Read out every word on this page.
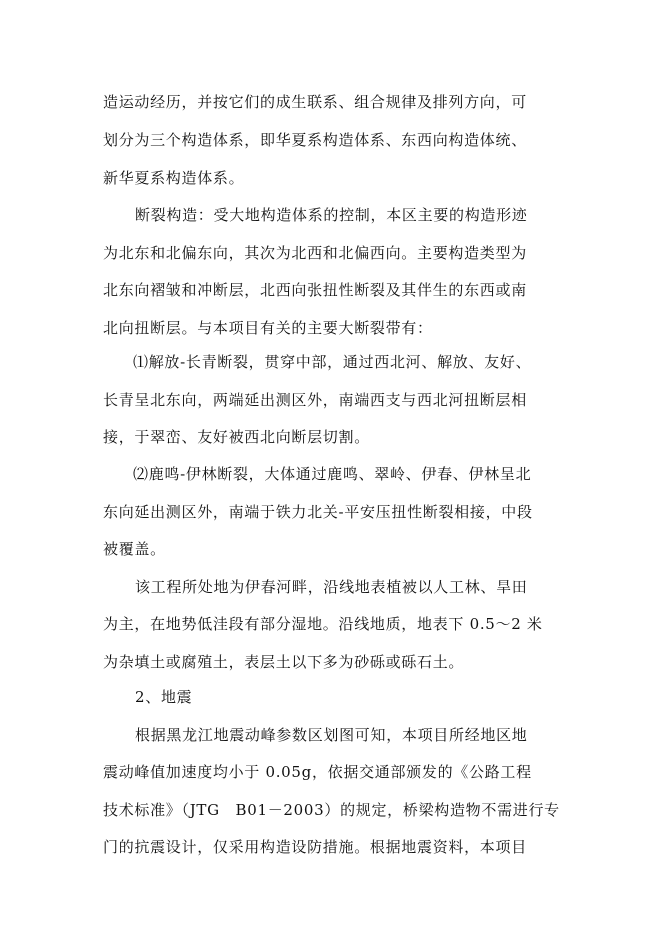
造运动经历，并按它们的成生联系、组合规律及排列方向，可
划分为三个构造体系，即华夏系构造体系、东西向构造体统、
新华夏系构造体系。
断裂构造：受大地构造体系的控制，本区主要的构造形迹
为北东和北偏东向，其次为北西和北偏西向。主要构造类型为
北东向褶皱和冲断层，北西向张扭性断裂及其伴生的东西或南
北向扭断层。与本项目有关的主要大断裂带有：
⑴解放-长青断裂，贯穿中部，通过西北河、解放、友好、
长青呈北东向，两端延出测区外，南端西支与西北河扭断层相
接，于翠峦、友好被西北向断层切割。
⑵鹿鸣-伊林断裂，大体通过鹿鸣、翠岭、伊春、伊林呈北
东向延出测区外，南端于铁力北关-平安压扭性断裂相接，中段
被覆盖。
该工程所处地为伊春河畔，沿线地表植被以人工林、旱田
为主，在地势低洼段有部分湿地。沿线地质，地表下 0.5～2 米
为杂填土或腐殖土，表层土以下多为砂砾或砾石土。
2、地震
根据黑龙江地震动峰参数区划图可知，本项目所经地区地
震动峰值加速度均小于 0.05g，依据交通部颁发的《公路工程
技术标准》（JTG　B01－2003）的规定，桥梁构造物不需进行专
门的抗震设计，仅采用构造设防措施。根据地震资料，本项目
